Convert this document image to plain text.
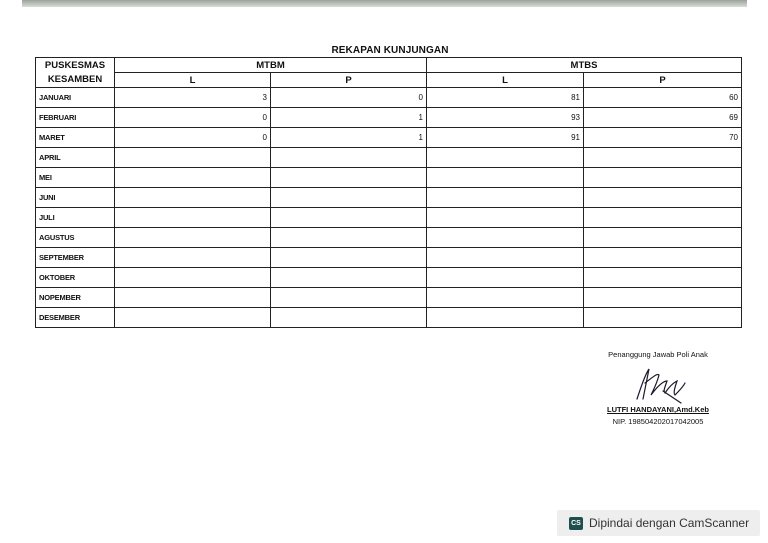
REKAPAN KUNJUNGAN
PUSKESMAS
KESAMBEN	MTBM		MTBS	
	L	P	L	P
JANUARI	3	0	81	60
FEBRUARI	0	1	93	69
MARET	0	1	91	70
APRIL				
MEI				
JUNI				
JULI				
AGUSTUS				
SEPTEMBER				
OKTOBER				
NOPEMBER				
DESEMBER				
Penanggung Jawab Poli Anak
LUTFI HANDAYANI,Amd.Keb
NIP. 198504202017042005
CS Dipindai dengan CamScanner
